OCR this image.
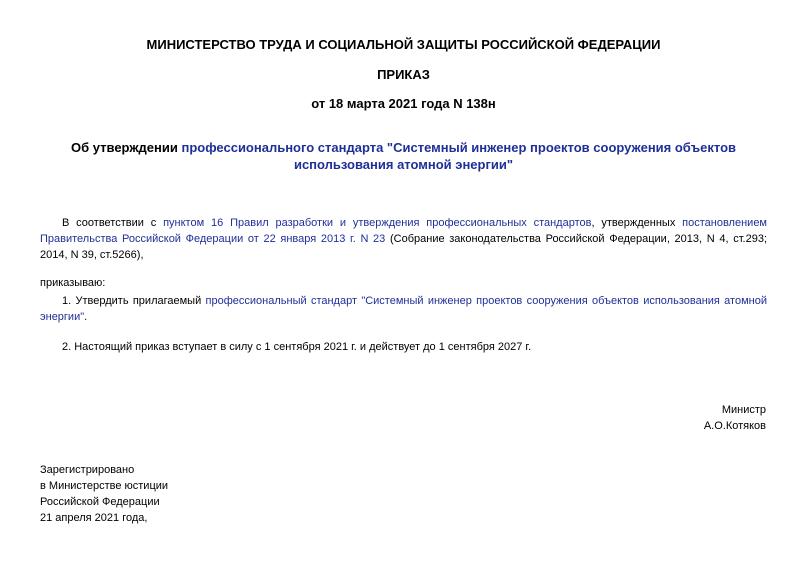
МИНИСТЕРСТВО ТРУДА И СОЦИАЛЬНОЙ ЗАЩИТЫ РОССИЙСКОЙ ФЕДЕРАЦИИ
ПРИКАЗ
от 18 марта 2021 года N 138н
Об утверждении профессионального стандарта "Системный инженер проектов сооружения объектов использования атомной энергии"
В соответствии с пунктом 16 Правил разработки и утверждения профессиональных стандартов, утвержденных постановлением Правительства Российской Федерации от 22 января 2013 г. N 23 (Собрание законодательства Российской Федерации, 2013, N 4, ст.293; 2014, N 39, ст.5266),
приказываю:
1. Утвердить прилагаемый профессиональный стандарт "Системный инженер проектов сооружения объектов использования атомной энергии".
2. Настоящий приказ вступает в силу с 1 сентября 2021 г. и действует до 1 сентября 2027 г.
Министр
А.О.Котяков
Зарегистрировано
в Министерстве юстиции
Российской Федерации
21 апреля 2021 года,
